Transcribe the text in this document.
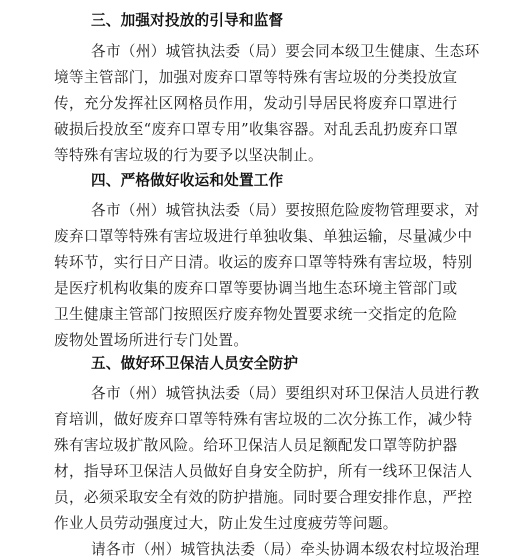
三、加强对投放的引导和监督
各市（州）城管执法委（局）要会同本级卫生健康、生态环
境等主管部门，加强对废弃口罩等特殊有害垃圾的分类投放宣
传，充分发挥社区网格员作用，发动引导居民将废弃口罩进行
破损后投放至“废弃口罩专用”收集容器。对乱丢乱扔废弃口罩
等特殊有害垃圾的行为要予以坚决制止。
四、严格做好收运和处置工作
各市（州）城管执法委（局）要按照危险废物管理要求，对
废弃口罩等特殊有害垃圾进行单独收集、单独运输，尽量减少中
转环节，实行日产日清。收运的废弃口罩等特殊有害垃圾，特别
是医疗机构收集的废弃口罩等要协调当地生态环境主管部门或
卫生健康主管部门按照医疗废弃物处置要求统一交指定的危险
废物处置场所进行专门处置。
五、做好环卫保洁人员安全防护
各市（州）城管执法委（局）要组织对环卫保洁人员进行教
育培训，做好废弃口罩等特殊有害垃圾的二次分拣工作，减少特
殊有害垃圾扩散风险。给环卫保洁人员足额配发口罩等防护器
材，指导环卫保洁人员做好自身安全防护，所有一线环卫保洁人
员，必须采取安全有效的防护措施。同时要合理安排作息，严控
作业人员劳动强度过大，防止发生过度疲劳等问题。
请各市（州）城管执法委（局）牵头协调本级农村垃圾治理
